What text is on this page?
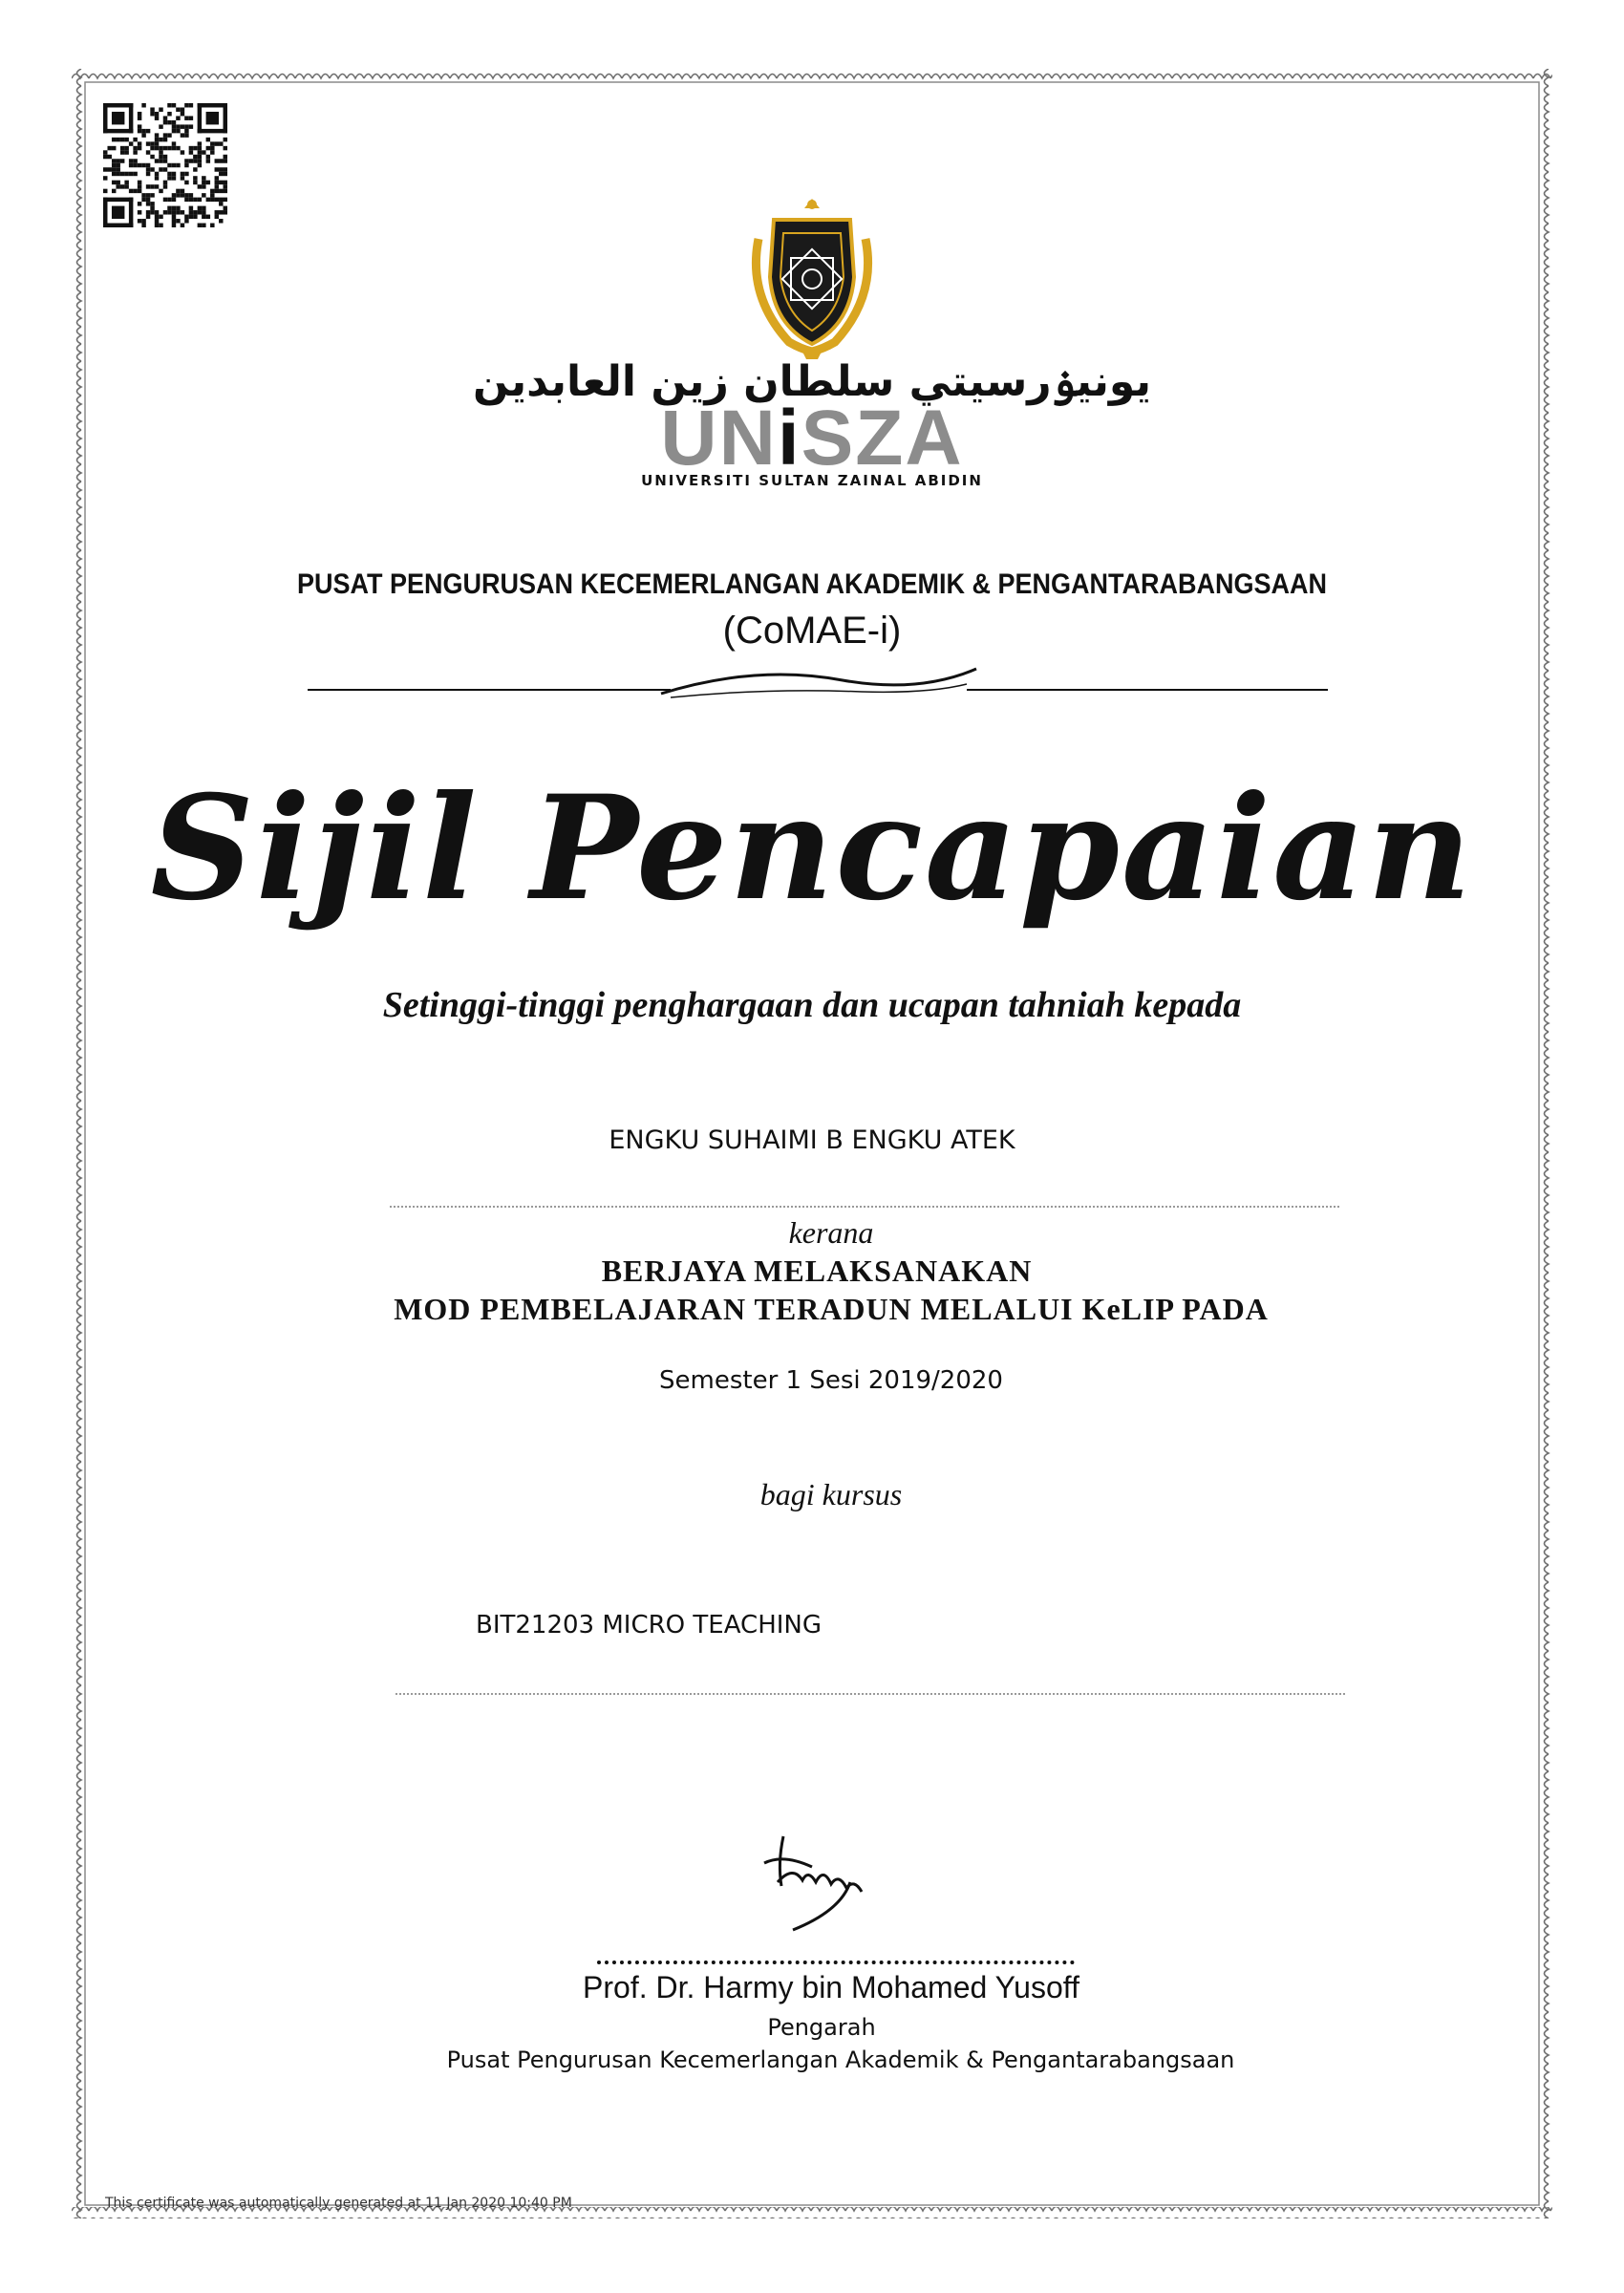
يونيۏرسيتي سلطان زين العابدين
UNiSZA
UNIVERSITI SULTAN ZAINAL ABIDIN
PUSAT PENGURUSAN KECEMERLANGAN AKADEMIK & PENGANTARABANGSAAN
(CoMAE-i)
Sijil Pencapaian
Setinggi-tinggi penghargaan dan ucapan tahniah kepada
ENGKU SUHAIMI B ENGKU ATEK
kerana
BERJAYA MELAKSANAKAN
MOD PEMBELAJARAN TERADUN MELALUI KeLIP PADA
Semester 1 Sesi 2019/2020
bagi kursus
BIT21203 MICRO TEACHING
Prof. Dr. Harmy bin Mohamed Yusoff
Pengarah
Pusat Pengurusan Kecemerlangan Akademik & Pengantarabangsaan
This certificate was automatically generated at 11 Jan 2020 10:40 PM
